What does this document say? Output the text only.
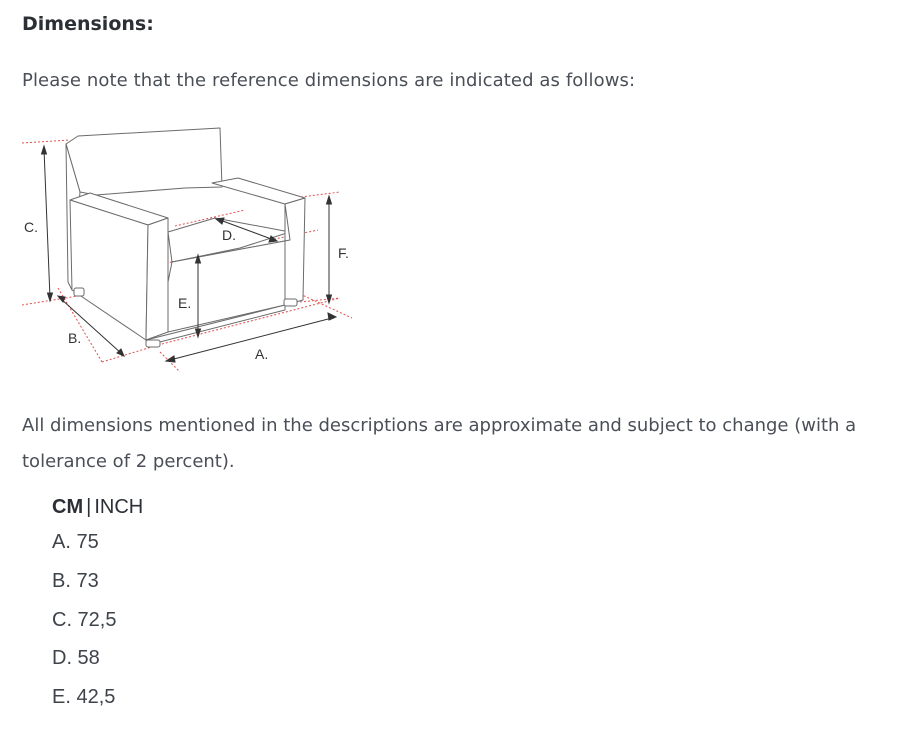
Dimensions:

Please note that the reference dimensions are indicated as follows:

C.
B.
E.
D.
A.
F.

All dimensions mentioned in the descriptions are approximate and subject to change (with a tolerance of 2 percent).

CM | INCH
A. 75
B. 73
C. 72,5
D. 58
E. 42,5
